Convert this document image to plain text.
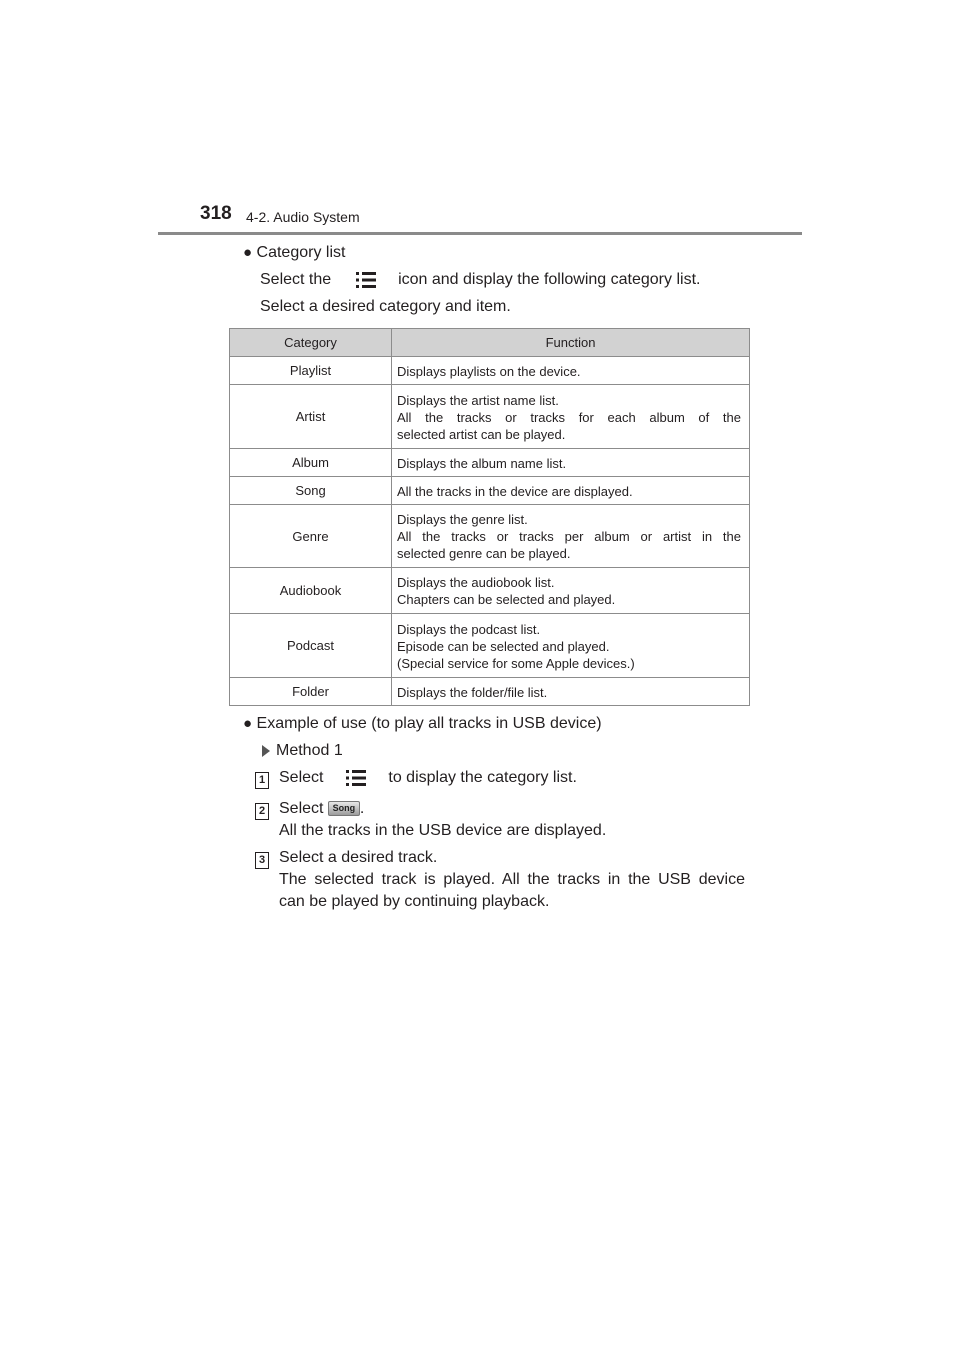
318 4-2. Audio System
● Category list
Select the	icon and display the following category list.
Select a desired category and item.
Category	Function
Playlist	Displays playlists on the device.

Artist	Displays the artist name list.
All the tracks or tracks for each album of the
selected artist can be played.

Album	Displays the album name list.

Song	All the tracks in the device are displayed.

Genre	Displays the genre list.
All the tracks or tracks per album or artist in the
selected genre can be played.

Audiobook	Displays the audiobook list.
Chapters can be selected and played.

Podcast	Displays the podcast list.
Episode can be selected and played.
(Special service for some Apple devices.)

Folder	Displays the folder/file list.
● Example of use (to play all tracks in USB device)
Method 1
1 Select	to display the category list.
2 Select Song .
All the tracks in the USB device are displayed.
3 Select a desired track.
The selected track is played. All the tracks in the USB device
can be played by continuing playback.
